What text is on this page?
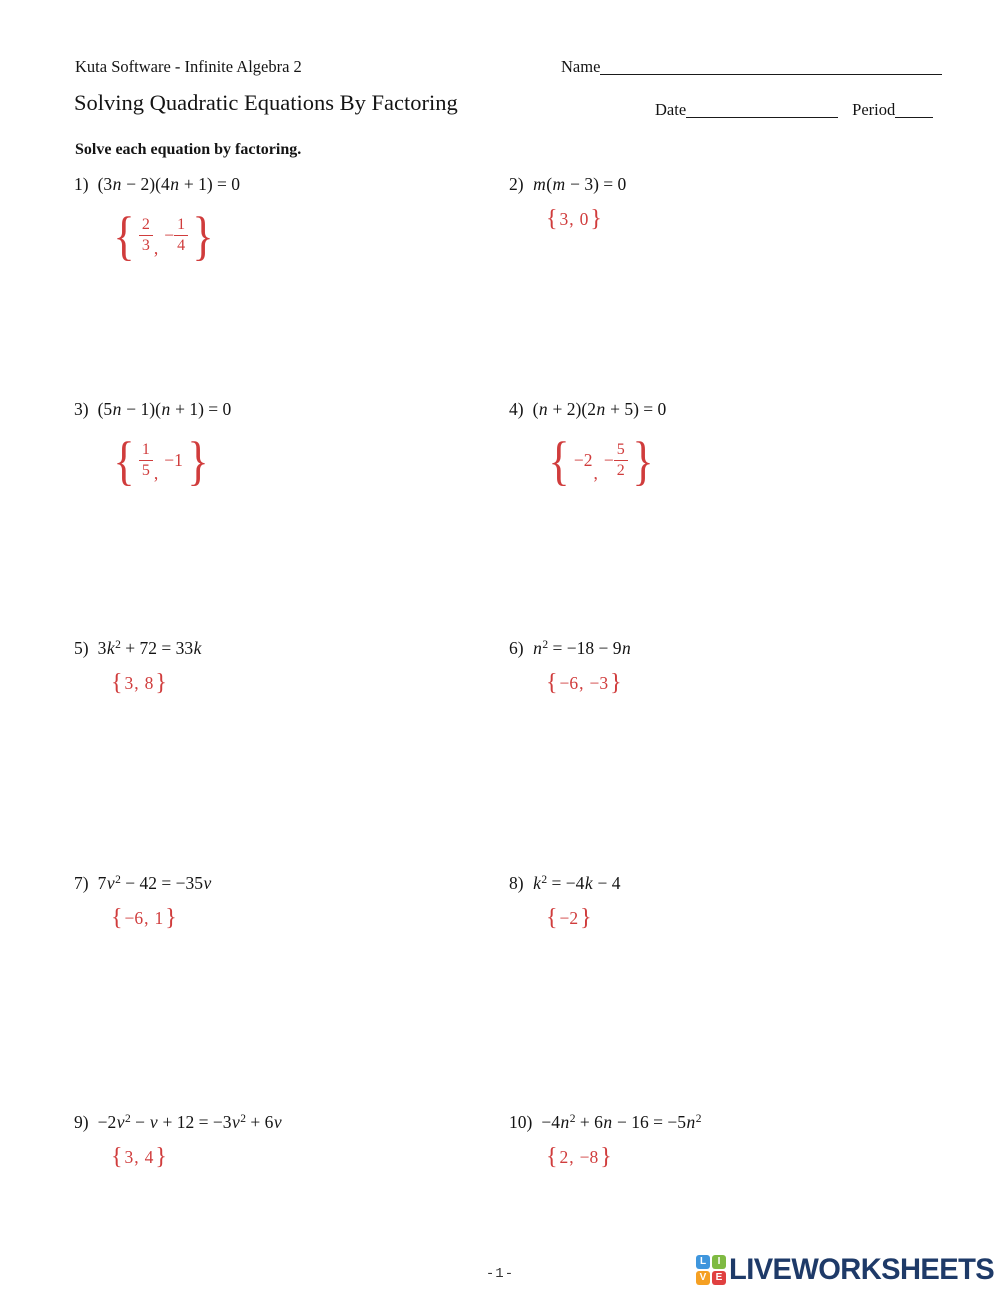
Kuta Software - Infinite Algebra 2	Name
Solving Quadratic Equations By Factoring	Date	Period
Solve each equation by factoring.
1) (3n − 2)(4n + 1) = 0
{ $\frac{2}{3}$ ,
− $\frac{1}{4}$ }
2) m(m − 3) = 0
{ 3 , 0 }
3) (5n − 1)(n + 1) = 0
{ $\frac{1}{5}$ ,
−1 }
4) (n + 2)(2n + 5) = 0
{ −2
,
− $\frac{5}{2}$ }
5) $3k^2 + 72 = 33k$
{ 3 , 8 }
6) $n^2 = -18 - 9n$
{ −6 , −3 }
7) $7v^2 - 42 = -35v$
{ −6 , 1 }
8) $k^2 = -4k - 4$
{ −2 }
$9) -2v^2 - v + 12 = -3v^2 + 6v$
{ 3 , 4 }
$10) -4n^2 + 6n - 16 = -5n^2$
{ 2 , −8 }
-1-
L	I
V E LIVEWORKSHEETS
